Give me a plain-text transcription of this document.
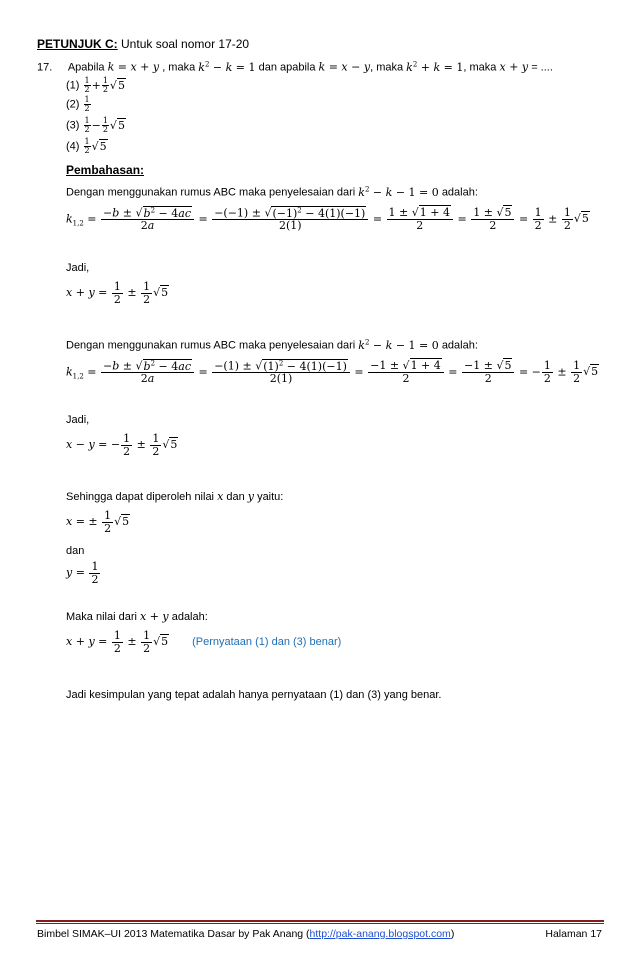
PETUNJUK C: Untuk soal nomor 17-20
17. Apabila k = x + y , maka $k^2 - k = 1$ dan apabila k = x − y, maka $k^2 + k = 1$, maka x + y = ....
$(1) \frac{1}{2} + \frac{1}{2} √5$
$(2) \frac{1}{2}$
$(3) \frac{1}{2} - \frac{1}{2} √5$
$(4) \frac{1}{2} √5$
Pembahasan:
Dengan menggunakan rumus ABC maka penyelesaian dari $k^2 - k - 1 = 0$ adalah:
$k_{1,2} = \frac{-b \pm √b^2 - 4ac}{2a} = \frac{-(-1) \pm √(-1)^2 - 4(1)(-1)}{2(1)} = \frac{1 \pm √1 + 4}{2} = \frac{1 \pm √5}{2} = \frac{1}{2} \pm \frac{1}{2} √5$
Jadi,
$x + y = \frac{1}{2} \pm \frac{1}{2} √5$
Dengan menggunakan rumus ABC maka penyelesaian dari $k^2 - k - 1 = 0$ adalah:
$k_{1,2} = \frac{-b \pm √b^2 - 4ac}{2a} = \frac{-(1) \pm √(1)^2 - 4(1)(-1)}{2(1)} = \frac{-1 \pm √1 + 4}{2} = \frac{-1 \pm √5}{2}$ = − $\frac{1}{2} \pm \frac{1}{2} √5$
Jadi,
x − y = − $\frac{1}{2} \pm \frac{1}{2} √5$
Sehingga dapat diperoleh nilai x dan y yaitu:
x = ± $\frac{1}{2} √5$
dan
$y = \frac{1}{2}$
Maka nilai dari x + y adalah:
$x + y = \frac{1}{2} \pm \frac{1}{2} √5$ (Pernyataan (1) dan (3) benar)
Jadi kesimpulan yang tepat adalah hanya pernyataan (1) dan (3) yang benar.
Bimbel SIMAK–UI 2013 Matematika Dasar by Pak Anang (http://pak-anang.blogspot.com)	Halaman 17
